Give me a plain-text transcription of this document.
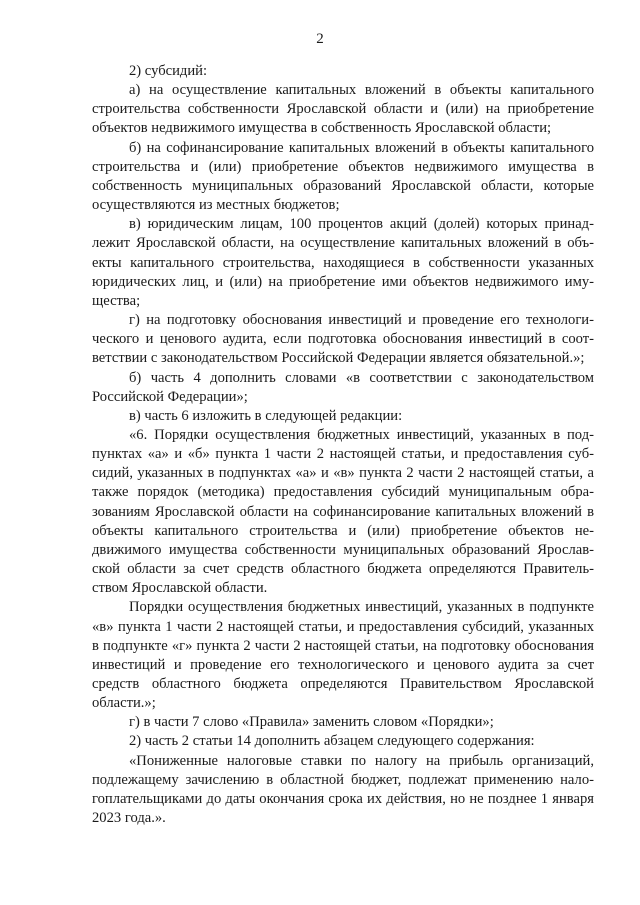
2

2) субсидий:

а) на осуществление капитальных вложений в объекты капитального строительства собственности Ярославской области и (или) на приобретение объектов недвижимого имущества в собственность Ярославской области;

б) на софинансирование капитальных вложений в объекты капитального строительства и (или) приобретение объектов недвижимого имущества в собственность муниципальных образований Ярославской области, которые осуществляются из местных бюджетов;

в) юридическим лицам, 100 процентов акций (долей) которых принадлежит Ярославской области, на осуществление капитальных вложений в объекты капитального строительства, находящиеся в собственности указанных юридических лиц, и (или) на приобретение ими объектов недвижимого имущества;

г) на подготовку обоснования инвестиций и проведение его технологического и ценового аудита, если подготовка обоснования инвестиций в соответствии с законодательством Российской Федерации является обязательной.»;

б) часть 4 дополнить словами «в соответствии с законодательством Российской Федерации»;

в) часть 6 изложить в следующей редакции:

«6. Порядки осуществления бюджетных инвестиций, указанных в подпунктах «а» и «б» пункта 1 части 2 настоящей статьи, и предоставления субсидий, указанных в подпунктах «а» и «в» пункта 2 части 2 настоящей статьи, а также порядок (методика) предоставления субсидий муниципальным образованиям Ярославской области на софинансирование капитальных вложений в объекты капитального строительства и (или) приобретение объектов недвижимого имущества собственности муниципальных образований Ярославской области за счет средств областного бюджета определяются Правительством Ярославской области.

Порядки осуществления бюджетных инвестиций, указанных в подпункте «в» пункта 1 части 2 настоящей статьи, и предоставления субсидий, указанных в подпункте «г» пункта 2 части 2 настоящей статьи, на подготовку обоснования инвестиций и проведение его технологического и ценового аудита за счет средств областного бюджета определяются Правительством Ярославской области.»;

г) в части 7 слово «Правила» заменить словом «Порядки»;

2) часть 2 статьи 14 дополнить абзацем следующего содержания:

«Пониженные налоговые ставки по налогу на прибыль организаций, подлежащему зачислению в областной бюджет, подлежат применению налогоплательщиками до даты окончания срока их действия, но не позднее 1 января 2023 года.».
